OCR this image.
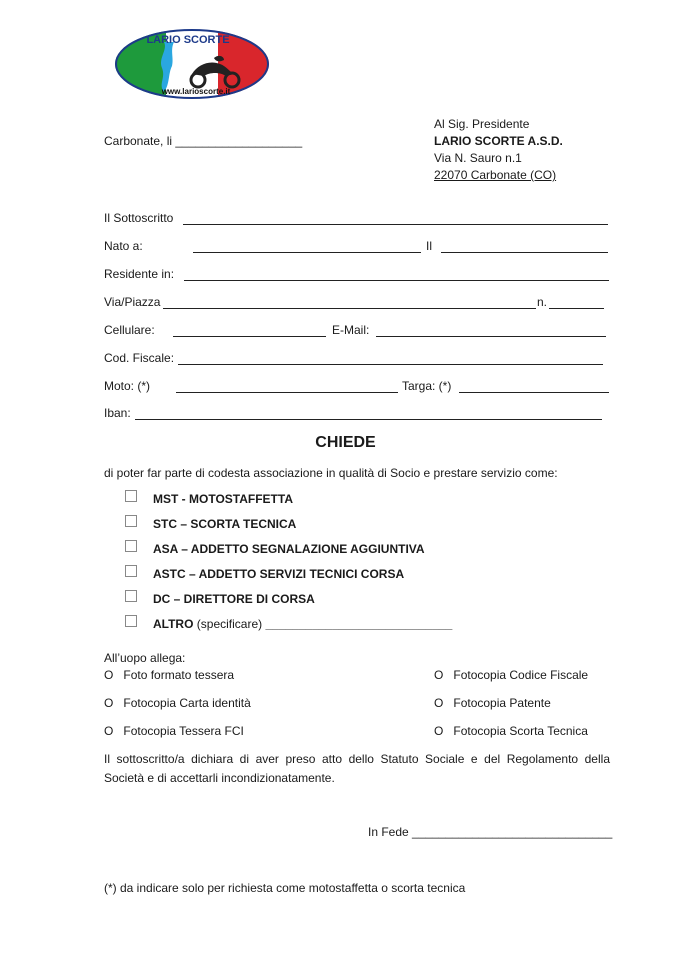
LARIO SCORTE
www.larioscorte.it
Carbonate, li ___________________
Al Sig. Presidente
LARIO SCORTE A.S.D.
Via N. Sauro n.1
22070 Carbonate (CO)
Il Sottoscritto
Nato a:	Il
Residente in:
Via/Piazza	n.
Cellulare:	E-Mail:
Cod. Fiscale:
Moto: (*)	Targa: (*)
Iban:
CHIEDE
di poter far parte di codesta associazione in qualità di Socio e prestare servizio come:
MST - MOTOSTAFFETTA
STC – SCORTA TECNICA
ASA – ADDETTO SEGNALAZIONE AGGIUNTIVA
ASTC – ADDETTO SERVIZI TECNICI CORSA
DC – DIRETTORE DI CORSA
ALTRO (specificare) ____________________________
All’uopo allega:
O Foto formato tessera	O Fotocopia Codice Fiscale
O Fotocopia Carta identità	O Fotocopia Patente
O Fotocopia Tessera FCI	O Fotocopia Scorta Tecnica
Il sottoscritto/a dichiara di aver preso atto dello Statuto Sociale e del Regolamento della Società e di accettarli incondizionatamente.
In Fede ______________________________
(*) da indicare solo per richiesta come motostaffetta o scorta tecnica
